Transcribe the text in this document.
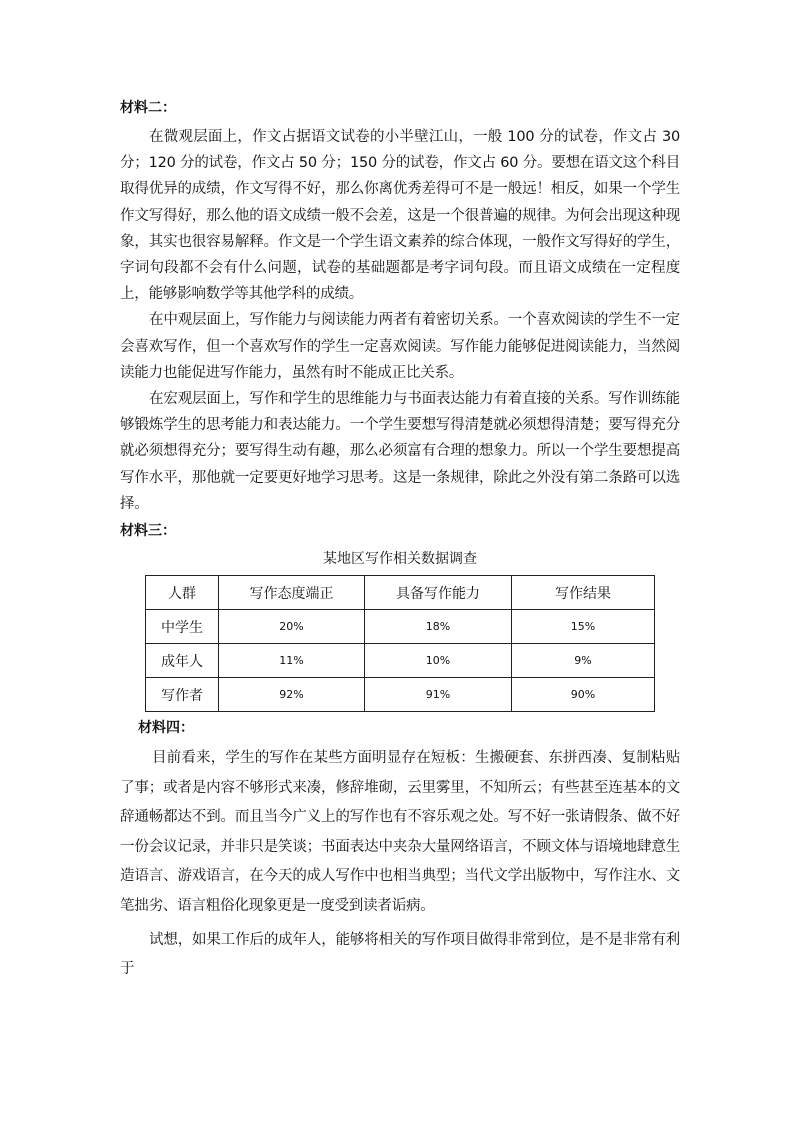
材料二：

在微观层面上，作文占据语文试卷的小半壁江山，一般 100 分的试卷，作文占 30 分；120 分的试卷，作文占 50 分；150 分的试卷，作文占 60 分。要想在语文这个科目取得优异的成绩，作文写得不好，那么你离优秀差得可不是一般远！相反，如果一个学生作文写得好，那么他的语文成绩一般不会差，这是一个很普遍的规律。为何会出现这种现象，其实也很容易解释。作文是一个学生语文素养的综合体现，一般作文写得好的学生，字词句段都不会有什么问题，试卷的基础题都是考字词句段。而且语文成绩在一定程度上，能够影响数学等其他学科的成绩。

在中观层面上，写作能力与阅读能力两者有着密切关系。一个喜欢阅读的学生不一定会喜欢写作，但一个喜欢写作的学生一定喜欢阅读。写作能力能够促进阅读能力，当然阅读能力也能促进写作能力，虽然有时不能成正比关系。

在宏观层面上，写作和学生的思维能力与书面表达能力有着直接的关系。写作训练能够锻炼学生的思考能力和表达能力。一个学生要想写得清楚就必须想得清楚；要写得充分就必须想得充分；要写得生动有趣，那么必须富有合理的想象力。所以一个学生要想提高写作水平，那他就一定要更好地学习思考。这是一条规律，除此之外没有第二条路可以选择。

材料三：

某地区写作相关数据调查
人群	写作态度端正	具备写作能力	写作结果
中学生	20%	18%	15%
成年人	11%	10%	9%
写作者	92%	91%	90%

材料四：

目前看来，学生的写作在某些方面明显存在短板：生搬硬套、东拼西凑、复制粘贴了事；或者是内容不够形式来凑，修辞堆砌，云里雾里，不知所云；有些甚至连基本的文辞通畅都达不到。而且当今广义上的写作也有不容乐观之处。写不好一张请假条、做不好一份会议记录，并非只是笑谈；书面表达中夹杂大量网络语言，不顾文体与语境地肆意生造语言、游戏语言，在今天的成人写作中也相当典型；当代文学出版物中，写作注水、文笔拙劣、语言粗俗化现象更是一度受到读者诟病。

试想，如果工作后的成年人，能够将相关的写作项目做得非常到位，是不是非常有利于
